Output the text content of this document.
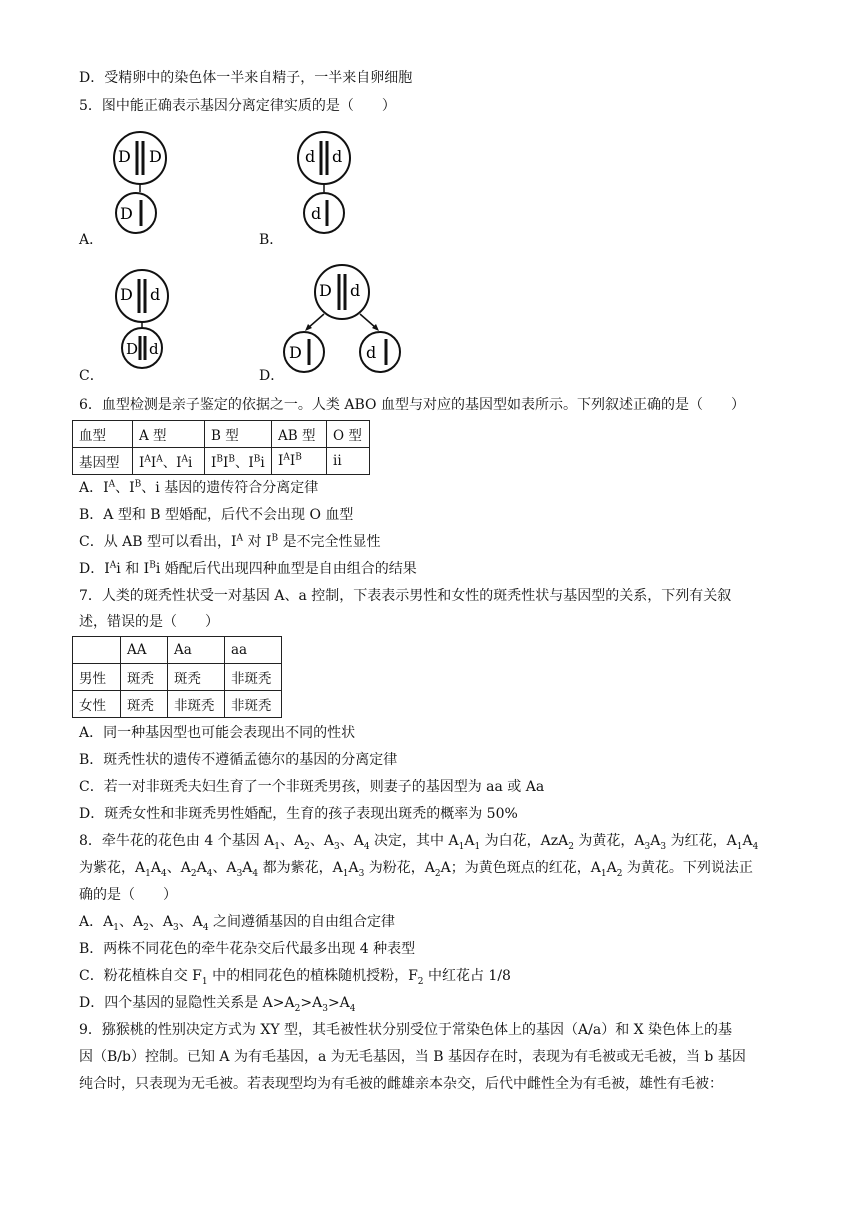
D．受精卵中的染色体一半来自精子，一半来自卵细胞
5．图中能正确表示基因分离定律实质的是（　　）
D D
D
A．
d d
d
B．
D d
D d
C．
D d
D	d
D．
6．血型检测是亲子鉴定的依据之一。人类 ABO 血型与对应的基因型如表所示。下列叙述正确的是（　　）
血型	A 型	B 型	AB 型	O 型
基因型	$I^AI^A$、$I^Ai$	$I^BI^B$、$I^Bi$	$I^AI^B$	ii
A．$I^A$、$I^B$、i 基因的遗传符合分离定律
B．A 型和 B 型婚配，后代不会出现 O 血型
C．从 AB 型可以看出，$I^A$ 对 $I^B$ 是不完全性显性
D．$I^Ai$ 和 $I^Bi$ 婚配后代出现四种血型是自由组合的结果
7．人类的斑秃性状受一对基因 A、a 控制，下表表示男性和女性的斑秃性状与基因型的关系，下列有关叙
述，错误的是（　　）
	AA	Aa	aa
男性	斑秃	斑秃	非斑秃
女性	斑秃	非斑秃	非斑秃
A．同一种基因型也可能会表现出不同的性状
B．斑秃性状的遗传不遵循孟德尔的基因的分离定律
C．若一对非斑秃夫妇生育了一个非斑秃男孩，则妻子的基因型为 aa 或 Aa
D．斑秃女性和非斑秃男性婚配，生育的孩子表现出斑秃的概率为 50%
8．牵牛花的花色由 4 个基因 $A_1$、$A_2$、$A_3$、$A_4$ 决定，其中 $A_1A_1$ 为白花，AzA$_2$ 为黄花，$A_3A_3$ 为红花，$A_1A_4$
为紫花，$A_1A_4$、$A_2A_4$、$A_3A_4$ 都为紫花，$A_1A_3$ 为粉花，$A_2A$；为黄色斑点的红花，$A_1A_2$ 为黄花。下列说法正
确的是（　　）
A．$A_1$、$A_2$、$A_3$、$A_4$ 之间遵循基因的自由组合定律
B．两株不同花色的牵牛花杂交后代最多出现 4 种表型
C．粉花植株自交 $F_1$ 中的相同花色的植株随机授粉，$F_2$ 中红花占 1/8
D．四个基因的显隐性关系是 $A>A_2>A_3>A_4$
9．猕猴桃的性别决定方式为 XY 型，其毛被性状分别受位于常染色体上的基因（A/a）和 X 染色体上的基
因（B/b）控制。已知 A 为有毛基因，a 为无毛基因，当 B 基因存在时，表现为有毛被或无毛被，当 b 基因
纯合时，只表现为无毛被。若表现型均为有毛被的雌雄亲本杂交，后代中雌性全为有毛被，雄性有毛被：
